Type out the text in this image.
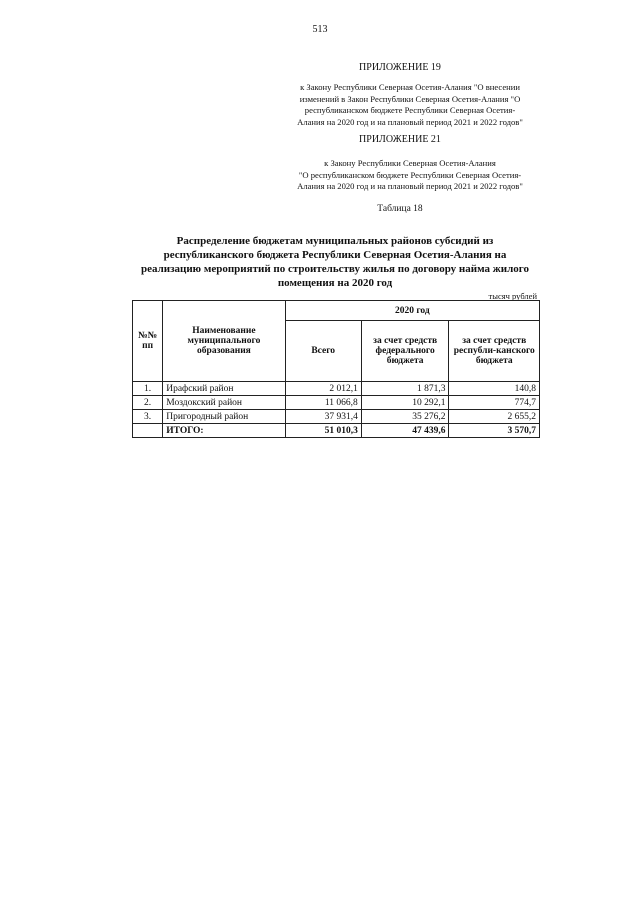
513
ПРИЛОЖЕНИЕ 19
к Закону Республики Северная Осетия-Алания "О внесении
изменений в Закон Республики Северная Осетия-Алания "О
республиканском бюджете Республики Северная Осетия-
Алания на 2020 год и на плановый период 2021 и 2022 годов"
ПРИЛОЖЕНИЕ 21
к Закону Республики Северная Осетия-Алания
"О республиканском бюджете Республики Северная Осетия-
Алания на 2020 год и на плановый период 2021 и 2022 годов"
Таблица 18
Распределение бюджетам муниципальных районов субсидий из
республиканского бюджета Республики Северная Осетия-Алания на
реализацию мероприятий по строительству жилья по договору найма жилого
помещения на 2020 год
тысяч рублей
№№ пп	Наименование муниципального образования	2020 год		
		Всего	за счет средств федерального бюджета	за счет средств республи-канского бюджета
1.	Ирафский район	2 012,1	1 871,3	140,8
2.	Моздокский район	11 066,8	10 292,1	774,7
3.	Пригородный район	37 931,4	35 276,2	2 655,2
	ИТОГО:	51 010,3	47 439,6	3 570,7
